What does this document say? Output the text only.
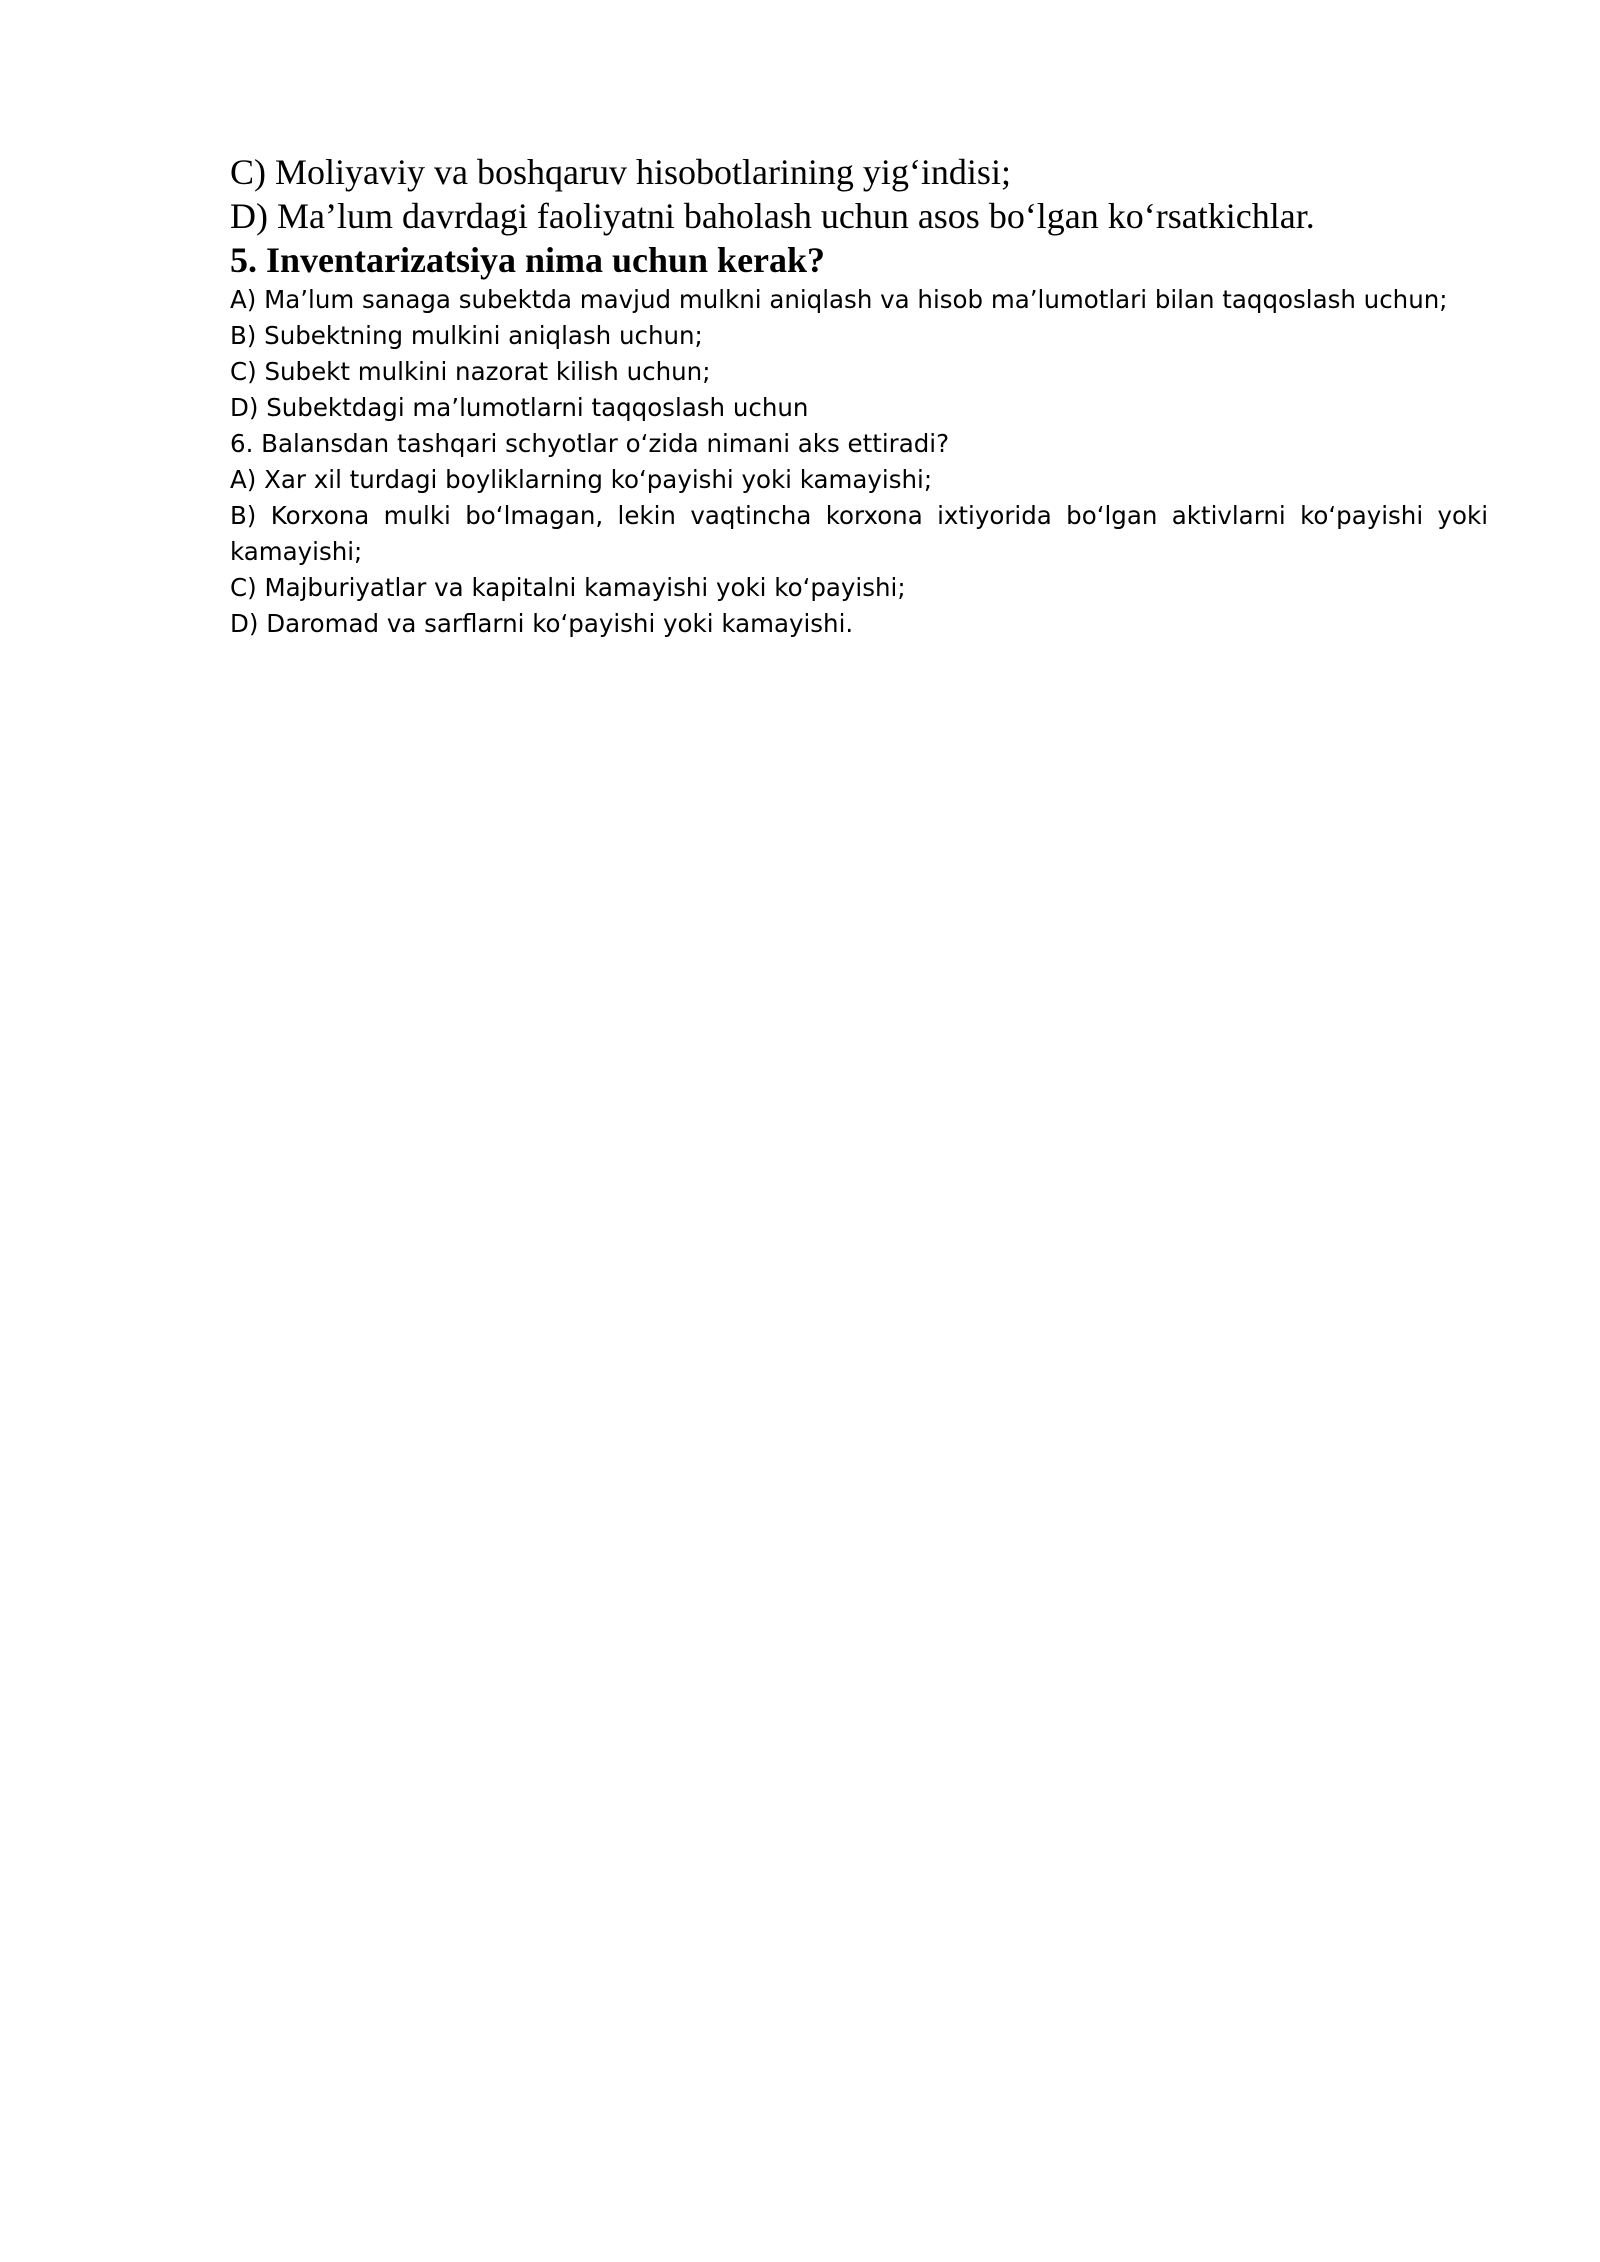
C) Moliyaviy va boshqaruv hisobotlarining yig‘indisi;

D) Ma’lum davrdagi faoliyatni baholash uchun asos bo‘lgan ko‘rsatkichlar.

5. Inventarizatsiya nima uchun kerak?

A) Ma’lum sanaga subektda mavjud mulkni aniqlash va hisob ma’lumotlari bilan taqqoslash uchun;

B) Subektning mulkini aniqlash uchun;

C) Subekt mulkini nazorat kilish uchun;

D) Subektdagi ma’lumotlarni taqqoslash uchun

6. Balansdan tashqari schyotlar o‘zida nimani aks ettiradi?

A) Xar xil turdagi boyliklarning ko‘payishi yoki kamayishi;

B) Korxona mulki bo‘lmagan, lekin vaqtincha korxona ixtiyorida bo‘lgan aktivlarni ko‘payishi yoki kamayishi;

C) Majburiyatlar va kapitalni kamayishi yoki ko‘payishi;

D) Daromad va sarflarni ko‘payishi yoki kamayishi.
